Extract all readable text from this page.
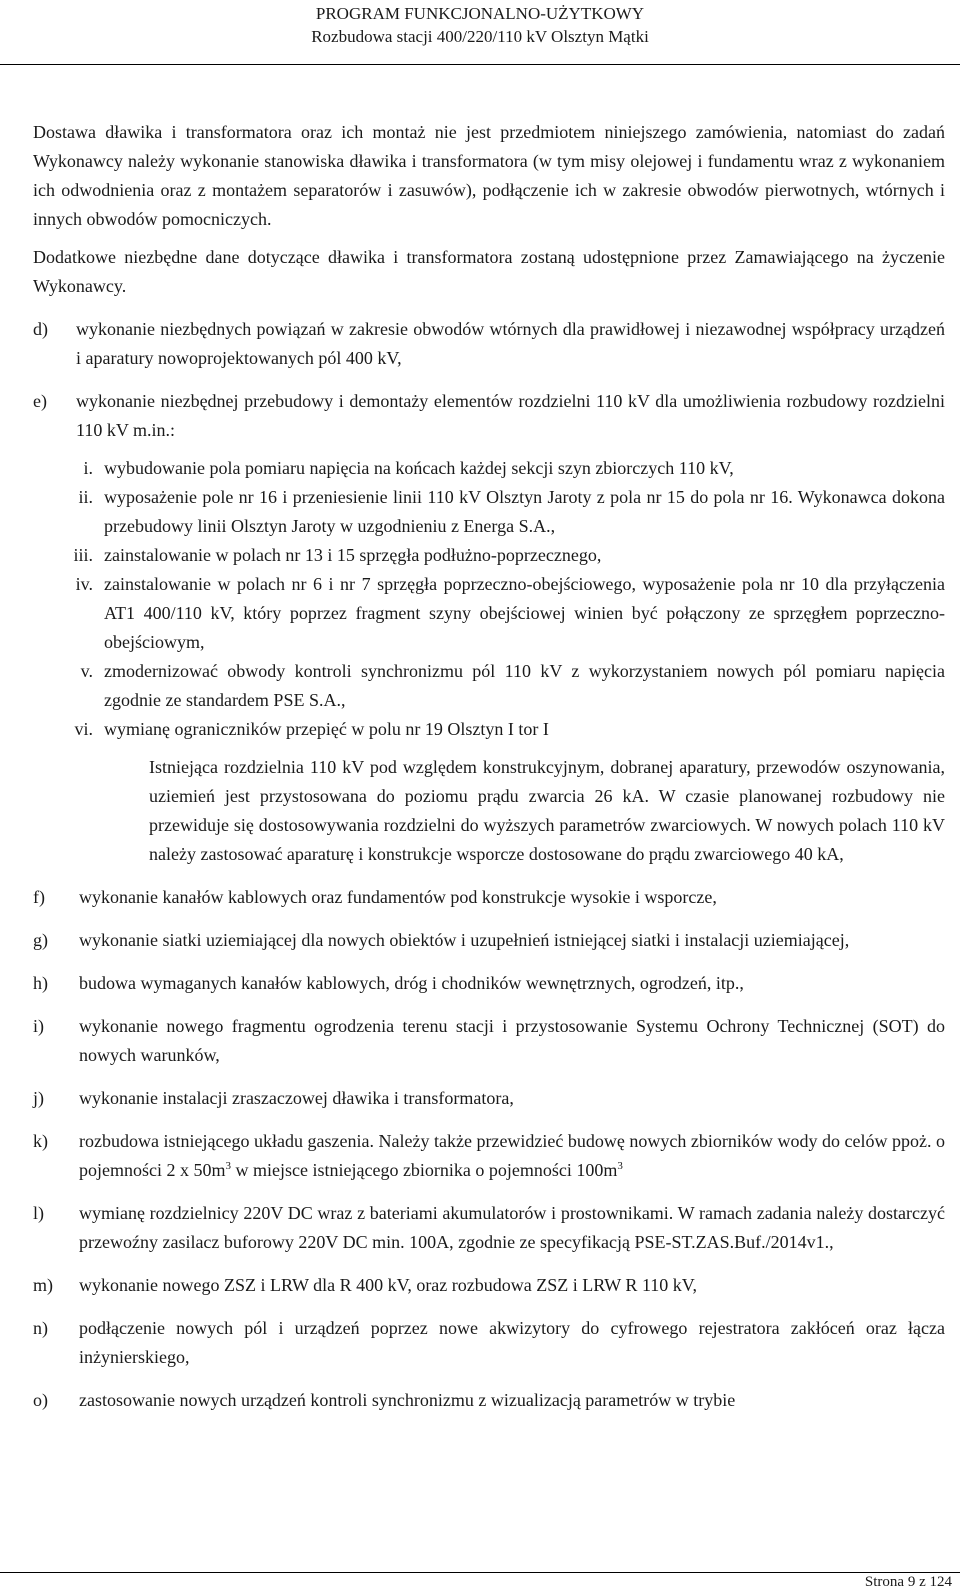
PROGRAM FUNKCJONALNO-UŻYTKOWY
Rozbudowa stacji 400/220/110 kV Olsztyn Mątki

Dostawa dławika i transformatora oraz ich montaż nie jest przedmiotem niniejszego zamówienia, natomiast do zadań Wykonawcy należy wykonanie stanowiska dławika i transformatora (w tym misy olejowej i fundamentu wraz z wykonaniem ich odwodnienia oraz z montażem separatorów i zasuwów), podłączenie ich w zakresie obwodów pierwotnych, wtórnych i innych obwodów pomocniczych.

Dodatkowe niezbędne dane dotyczące dławika i transformatora zostaną udostępnione przez Zamawiającego na życzenie Wykonawcy.

d)	wykonanie niezbędnych powiązań w zakresie obwodów wtórnych dla prawidłowej i niezawodnej współpracy urządzeń i aparatury nowoprojektowanych pól 400 kV,
e)	wykonanie niezbędnej przebudowy i demontaży elementów rozdzielni 110 kV dla umożliwienia rozbudowy rozdzielni 110 kV m.in.:
i. wybudowanie pola pomiaru napięcia na końcach każdej sekcji szyn zbiorczych 110 kV,
ii. wyposażenie pole nr 16 i przeniesienie linii 110 kV Olsztyn Jaroty z pola nr 15 do pola nr 16. Wykonawca dokona przebudowy linii Olsztyn Jaroty w uzgodnieniu z Energa S.A.,
iii. zainstalowanie w polach nr 13 i 15 sprzęgła podłużno-poprzecznego,
iv. zainstalowanie w polach nr 6 i nr 7 sprzęgła poprzeczno-obejściowego, wyposażenie pola nr 10 dla przyłączenia AT1 400/110 kV, który poprzez fragment szyny obejściowej winien być połączony ze sprzęgłem poprzeczno-obejściowym,
v. zmodernizować obwody kontroli synchronizmu pól 110 kV z wykorzystaniem nowych pól pomiaru napięcia zgodnie ze standardem PSE S.A.,
vi. wymianę ograniczników przepięć w polu nr 19 Olsztyn I tor I

Istniejąca rozdzielnia 110 kV pod względem konstrukcyjnym, dobranej aparatury, przewodów oszynowania, uziemień jest przystosowana do poziomu prądu zwarcia 26 kA. W czasie planowanej rozbudowy nie przewiduje się dostosowywania rozdzielni do wyższych parametrów zwarciowych. W nowych polach 110 kV należy zastosować aparaturę i konstrukcje wsporcze dostosowane do prądu zwarciowego 40 kA,

f)	wykonanie kanałów kablowych oraz fundamentów pod konstrukcje wysokie i wsporcze,
g)	wykonanie siatki uziemiającej dla nowych obiektów i uzupełnień istniejącej siatki i instalacji uziemiającej,
h)	budowa wymaganych kanałów kablowych, dróg i chodników wewnętrznych, ogrodzeń, itp.,
i)	wykonanie nowego fragmentu ogrodzenia terenu stacji i przystosowanie Systemu Ochrony Technicznej (SOT) do nowych warunków,
j)	wykonanie instalacji zraszaczowej dławika i transformatora,
k)	rozbudowa istniejącego układu gaszenia. Należy także przewidzieć budowę nowych zbiorników wody do celów ppoż. o pojemności 2 x $50m^3$ w miejsce istniejącego zbiornika o pojemności $100m^3$
l)	wymianę rozdzielnicy 220V DC wraz z bateriami akumulatorów i prostownikami. W ramach zadania należy dostarczyć przewoźny zasilacz buforowy 220V DC min. 100A, zgodnie ze specyfikacją PSE-ST.ZAS.Buf./2014v1.,
m)	wykonanie nowego ZSZ i LRW dla R 400 kV, oraz rozbudowa ZSZ i LRW R 110 kV,
n)	podłączenie nowych pól i urządzeń poprzez nowe akwizytory do cyfrowego rejestratora zakłóceń oraz łącza inżynierskiego,
o)	zastosowanie nowych urządzeń kontroli synchronizmu z wizualizacją parametrów w trybie
Strona 9 z 124
